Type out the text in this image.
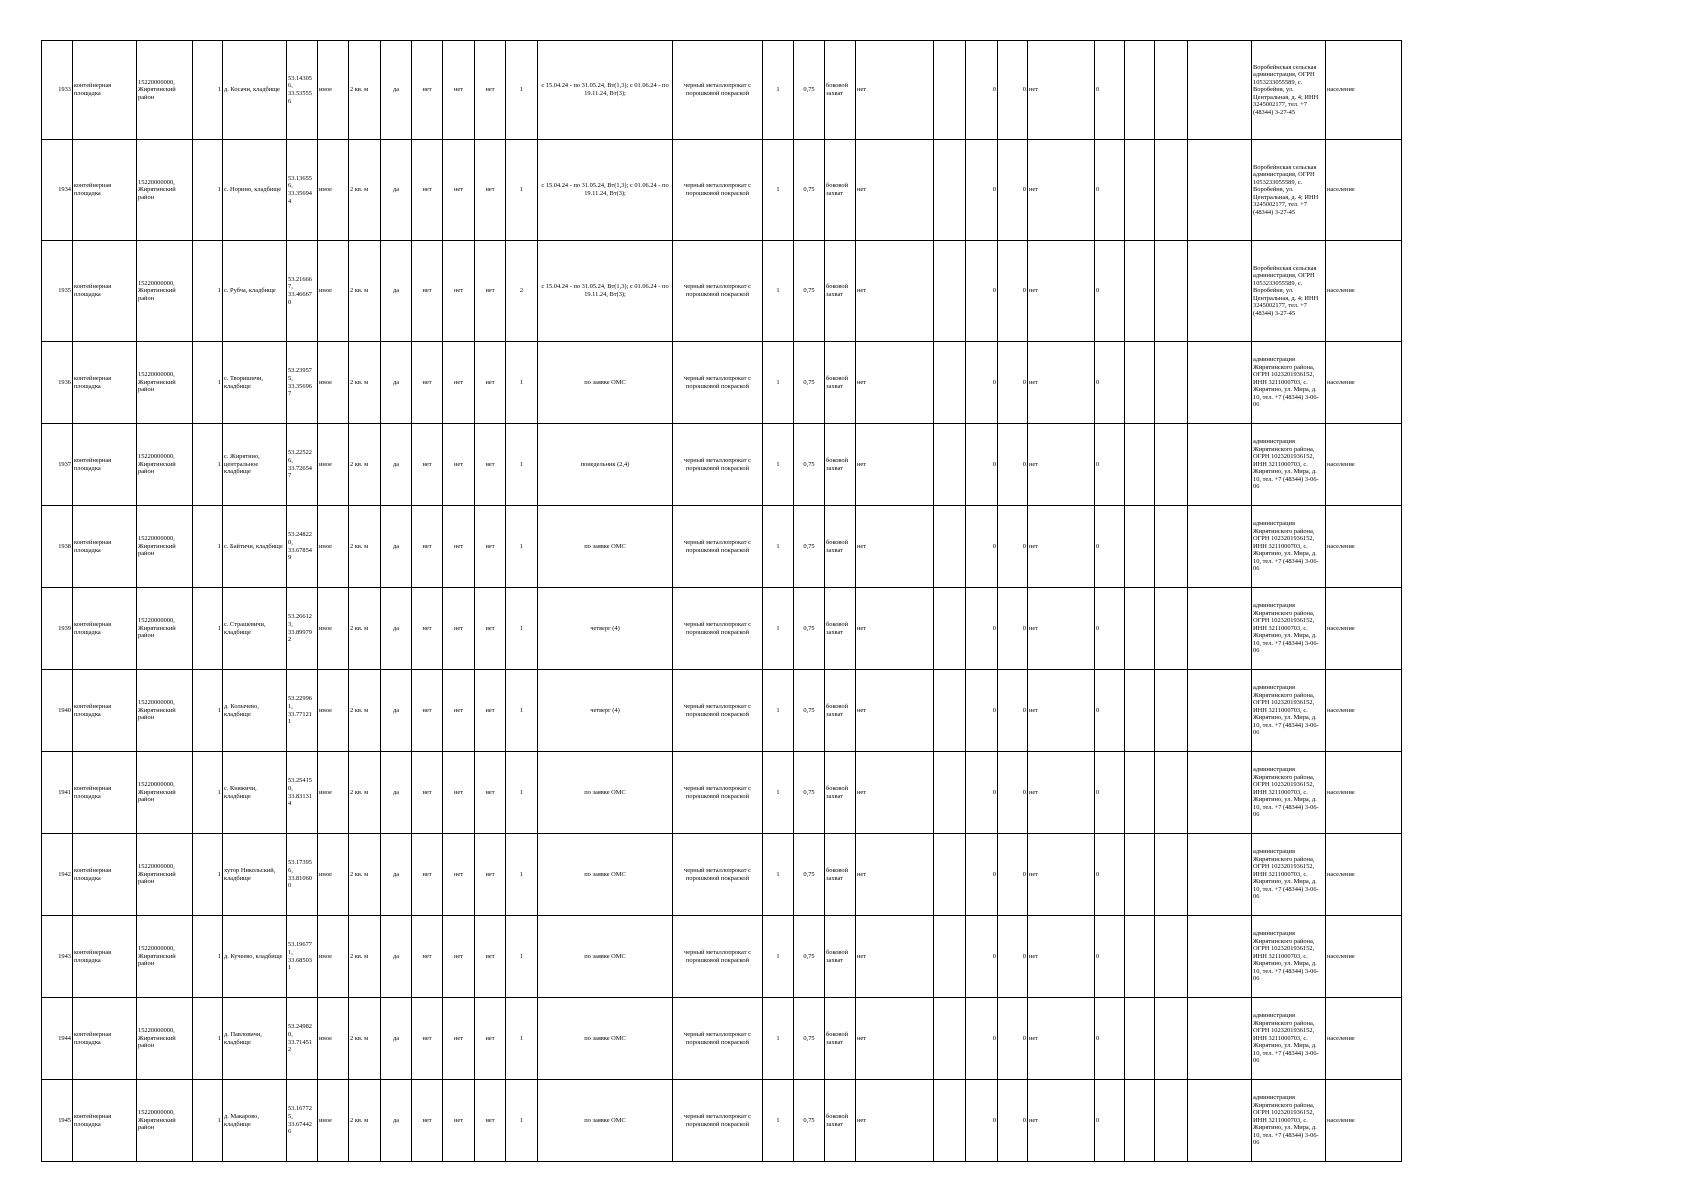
1933	контейнерная площадка	15220000000, Жирятинский район	1	д. Косачи, кладбище	53.14305 6, 33.53555 6	иное	2 кв. м	да	нет	нет	нет	1	с 15.04.24 - по 31.05.24, Вт(1,3); с 01.06.24 - по 19.11.24, Вт(3);	черный металлопрокат с порошковой покраской	1	0,75	боковой захват	нет		0	0	нет	0				Воробейнская сельская администрация, ОГРН 1053233055589, с. Воробейня, ул. Центральная, д. 4; ИНН 3245002177, тел. +7 (48344) 3-27-45	население
1934	контейнерная площадка	15220000000, Жирятинский район	1	с. Норино, кладбище	53.13655 6, 33.35694 4	иное	2 кв. м	да	нет	нет	нет	1	с 15.04.24 - по 31.05.24, Вт(1,3); с 01.06.24 - по 19.11.24, Вт(3);	черный металлопрокат с порошковой покраской	1	0,75	боковой захват	нет		0	0	нет	0				Воробейнская сельская администрация, ОГРН 1053233055589, с. Воробейня, ул. Центральная, д. 4; ИНН 3245002177, тел. +7 (48344) 3-27-45	население
1935	контейнерная площадка	15220000000, Жирятинский район	1	с. Рубча, кладбище	53.21666 7, 33.46667 0	иное	2 кв. м	да	нет	нет	нет	2	с 15.04.24 - по 31.05.24, Вт(1,3); с 01.06.24 - по 19.11.24, Вт(3);	черный металлопрокат с порошковой покраской	1	0,75	боковой захват	нет		0	0	нет	0				Воробейнская сельская администрация, ОГРН 1053233055589, с. Воробейня, ул. Центральная, д. 4; ИНН 3245002177, тел. +7 (48344) 3-27-45	население
1936	контейнерная площадка	15220000000, Жирятинский район	1	с. Творишичи, кладбище	53.23957 5, 33.35696 7	иное	2 кв. м	да	нет	нет	нет	1	по заявке ОМС	черный металлопрокат с порошковой покраской	1	0,75	боковой захват	нет		0	0	нет	0				администрация Жирятинского района, ОГРН 1023201936152, ИНН 3211000703, с. Жирятино, ул. Мира, д. 10, тел. +7 (48344) 3-06-06	население
1937	контейнерная площадка	15220000000, Жирятинский район	1	с. Жирятино, центральное кладбище	53.22522 6, 33.72654 7	иное	2 кв. м	да	нет	нет	нет	1	понедельник (2,4)	черный металлопрокат с порошковой покраской	1	0,75	боковой захват	нет		0	0	нет	0				администрация Жирятинского района, ОГРН 1023201936152, ИНН 3211000703, с. Жирятино, ул. Мира, д. 10, тел. +7 (48344) 3-06-06	население
1938	контейнерная площадка	15220000000, Жирятинский район	1	с. Байтичи, кладбище	53.24822 0, 33.67854 9	иное	2 кв. м	да	нет	нет	нет	1	по заявке ОМС	черный металлопрокат с порошковой покраской	1	0,75	боковой захват	нет		0	0	нет	0				администрация Жирятинского района, ОГРН 1023201936152, ИНН 3211000703, с. Жирятино, ул. Мира, д. 10, тел. +7 (48344) 3-06-06	население
1939	контейнерная площадка	15220000000, Жирятинский район	1	с. Страшевичи, кладбище	53.26612 3, 33.89979 2	иное	2 кв. м	да	нет	нет	нет	1	четверг (4)	черный металлопрокат с порошковой покраской	1	0,75	боковой захват	нет		0	0	нет	0				администрация Жирятинского района, ОГРН 1023201936152, ИНН 3211000703, с. Жирятино, ул. Мира, д. 10, тел. +7 (48344) 3-06-06	население
1940	контейнерная площадка	15220000000, Жирятинский район	1	д. Колычево, кладбище	53.22996 1, 33.77121 1	иное	2 кв. м	да	нет	нет	нет	1	четверг (4)	черный металлопрокат с порошковой покраской	1	0,75	боковой захват	нет		0	0	нет	0				администрация Жирятинского района, ОГРН 1023201936152, ИНН 3211000703, с. Жирятино, ул. Мира, д. 10, тел. +7 (48344) 3-06-06	население
1941	контейнерная площадка	15220000000, Жирятинский район	1	с. Княжичи, кладбище	53.25415 0, 33.83131 4	иное	2 кв. м	да	нет	нет	нет	1	по заявке ОМС	черный металлопрокат с порошковой покраской	1	0,75	боковой захват	нет		0	0	нет	0				администрация Жирятинского района, ОГРН 1023201936152, ИНН 3211000703, с. Жирятино, ул. Мира, д. 10, тел. +7 (48344) 3-06-06	население
1942	контейнерная площадка	15220000000, Жирятинский район	1	хутор Никольский, кладбище	53.17395 6, 33.81060 0	иное	2 кв. м	да	нет	нет	нет	1	по заявке ОМС	черный металлопрокат с порошковой покраской	1	0,75	боковой захват	нет		0	0	нет	0				администрация Жирятинского района, ОГРН 1023201936152, ИНН 3211000703, с. Жирятино, ул. Мира, д. 10, тел. +7 (48344) 3-06-06	население
1943	контейнерная площадка	15220000000, Жирятинский район	1	д. Кучеево, кладбище	53.19677 1, 33.68503 1	иное	2 кв. м	да	нет	нет	нет	1	по заявке ОМС	черный металлопрокат с порошковой покраской	1	0,75	боковой захват	нет		0	0	нет	0				администрация Жирятинского района, ОГРН 1023201936152, ИНН 3211000703, с. Жирятино, ул. Мира, д. 10, тел. +7 (48344) 3-06-06	население
1944	контейнерная площадка	15220000000, Жирятинский район	1	д. Павловичи, кладбище	53.24982 0, 33.71451 2	иное	2 кв. м	да	нет	нет	нет	1	по заявке ОМС	черный металлопрокат с порошковой покраской	1	0,75	боковой захват	нет		0	0	нет	0				администрация Жирятинского района, ОГРН 1023201936152, ИНН 3211000703, с. Жирятино, ул. Мира, д. 10, тел. +7 (48344) 3-06-06	население
1945	контейнерная площадка	15220000000, Жирятинский район	1	д. Макарово, кладбище	53.16772 5, 33.67442 6	иное	2 кв. м	да	нет	нет	нет	1	по заявке ОМС	черный металлопрокат с порошковой покраской	1	0,75	боковой захват	нет		0	0	нет	0				администрация Жирятинского района, ОГРН 1023201936152, ИНН 3211000703, с. Жирятино, ул. Мира, д. 10, тел. +7 (48344) 3-06-06	население
